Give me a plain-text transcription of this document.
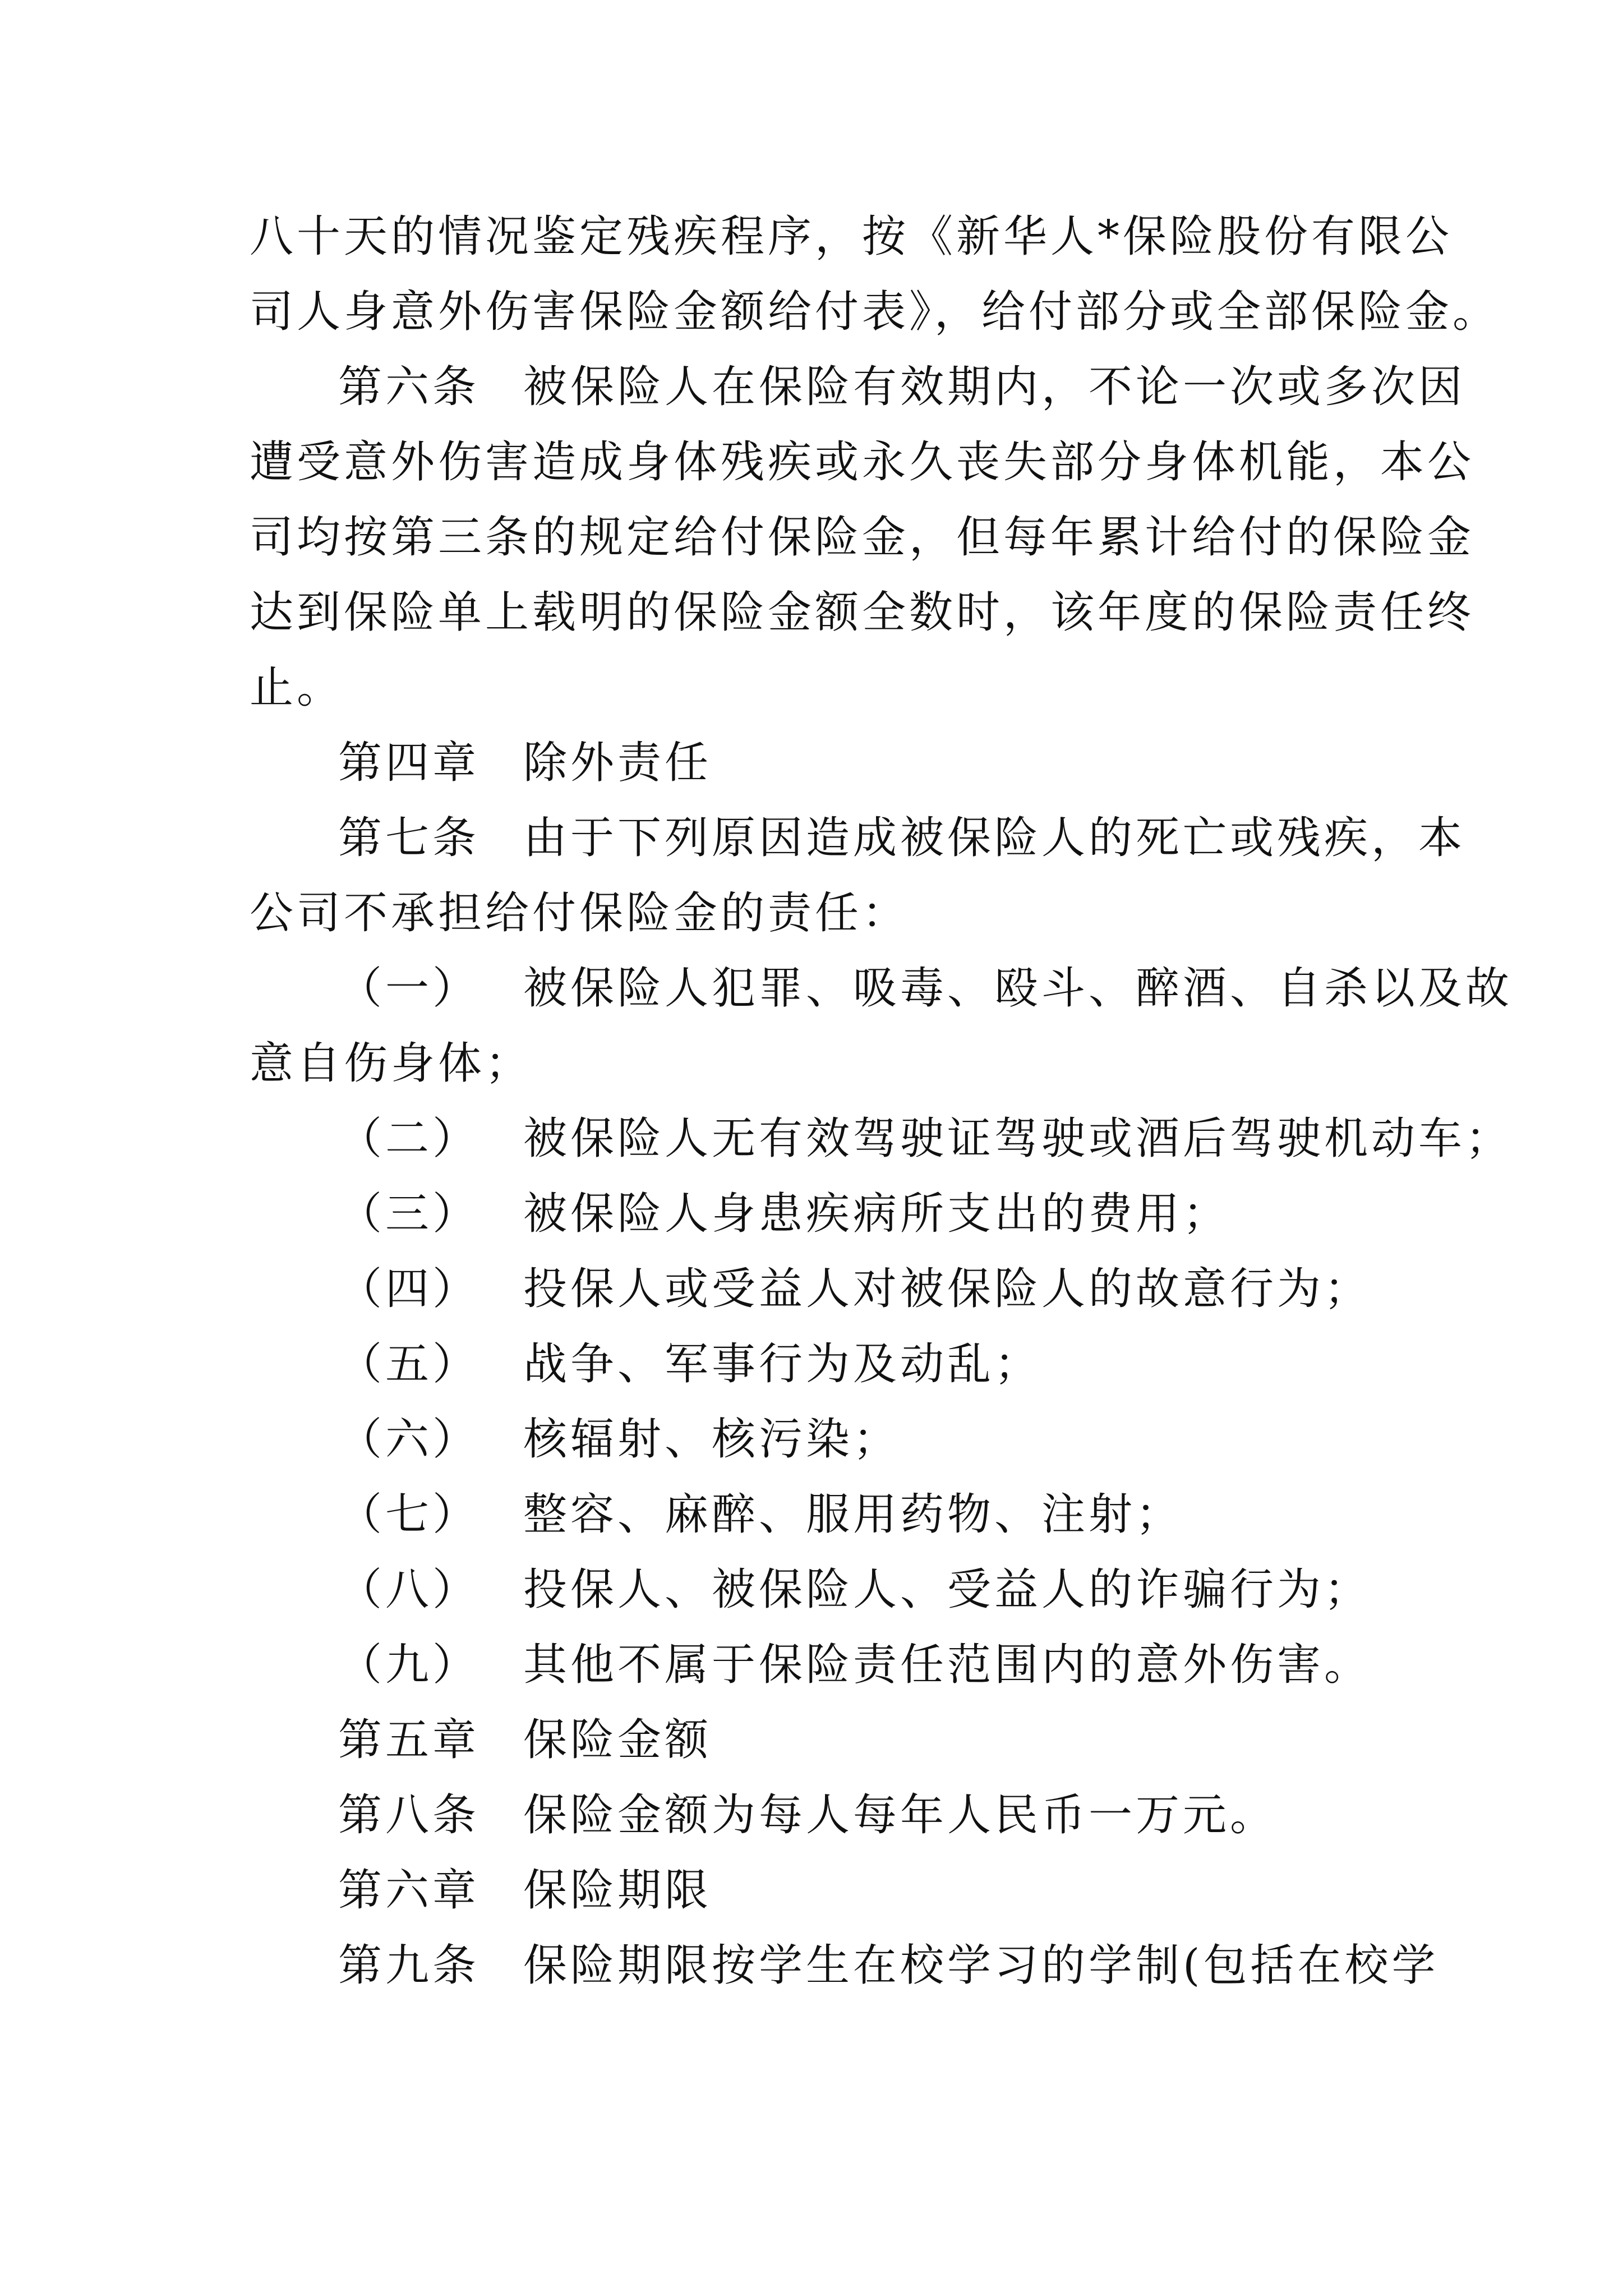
八十天的情况鉴定残疾程序，按《新华人*保险股份有限公
司人身意外伤害保险金额给付表》，给付部分或全部保险金。
第六条 被保险人在保险有效期内，不论一次或多次因
遭受意外伤害造成身体残疾或永久丧失部分身体机能，本公
司均按第三条的规定给付保险金，但每年累计给付的保险金
达到保险单上载明的保险金额全数时，该年度的保险责任终
止。
第四章 除外责任
第七条 由于下列原因造成被保险人的死亡或残疾，本
公司不承担给付保险金的责任：
（一） 被保险人犯罪、吸毒、殴斗、醉酒、自杀以及故
意自伤身体；
（二） 被保险人无有效驾驶证驾驶或酒后驾驶机动车；
（三） 被保险人身患疾病所支出的费用；
（四） 投保人或受益人对被保险人的故意行为；
（五） 战争、军事行为及动乱；
（六） 核辐射、核污染；
（七） 整容、麻醉、服用药物、注射；
（八） 投保人、被保险人、受益人的诈骗行为；
（九） 其他不属于保险责任范围内的意外伤害。
第五章 保险金额
第八条 保险金额为每人每年人民币一万元。
第六章 保险期限
第九条 保险期限按学生在校学习的学制(包括在校学
